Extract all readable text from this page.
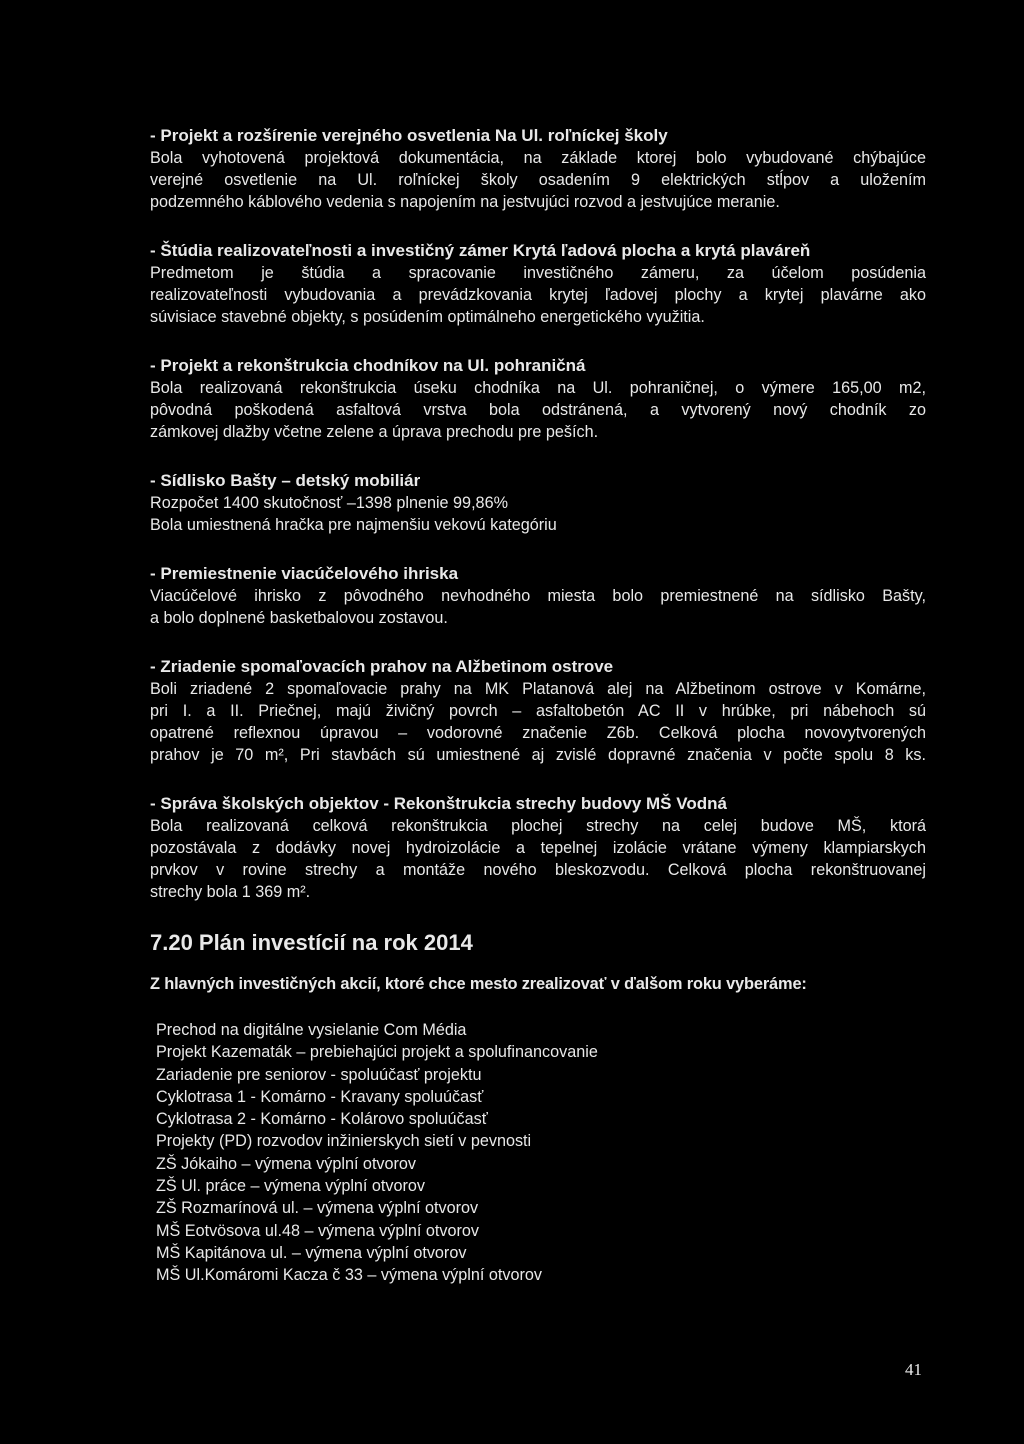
- Projekt a rozšírenie verejného osvetlenia Na Ul. roľníckej školy

Bola vyhotovená projektová dokumentácia, na základe ktorej bolo vybudované chýbajúce
verejné osvetlenie na Ul. roľníckej školy osadením 9 elektrických stĺpov a uložením
podzemného káblového vedenia s napojením na jestvujúci rozvod a jestvujúce meranie.

- Štúdia realizovateľnosti a investičný zámer Krytá ľadová plocha a krytá plaváreň

Predmetom je štúdia a spracovanie investičného zámeru, za účelom posúdenia
realizovateľnosti vybudovania a prevádzkovania krytej ľadovej plochy a krytej plavárne ako
súvisiace stavebné objekty, s posúdením optimálneho energetického využitia.

- Projekt a rekonštrukcia chodníkov na Ul. pohraničná

Bola realizovaná rekonštrukcia úseku chodníka na Ul. pohraničnej, o výmere 165,00 m2,
pôvodná poškodená asfaltová vrstva bola odstránená, a vytvorený nový chodník zo
zámkovej dlažby včetne zelene a úprava prechodu pre peších.

- Sídlisko Bašty – detský mobiliár

Rozpočet 1400 skutočnosť –1398 plnenie 99,86%
Bola umiestnená hračka pre najmenšiu vekovú kategóriu

- Premiestnenie viacúčelového ihriska

Viacúčelové ihrisko z pôvodného nevhodného miesta bolo premiestnené na sídlisko Bašty,
a bolo doplnené basketbalovou zostavou.

- Zriadenie spomaľovacích prahov na Alžbetinom ostrove

Boli zriadené 2 spomaľovacie prahy na MK Platanová alej na Alžbetinom ostrove v Komárne,
pri I. a II. Priečnej, majú živičný povrch – asfaltobetón AC II v hrúbke, pri nábehoch sú
opatrené reflexnou úpravou – vodorovné značenie Z6b. Celková plocha novovytvorených
prahov je 70 m², Pri stavbách sú umiestnené aj zvislé dopravné značenia v počte spolu 8 ks.

- Správa školských objektov - Rekonštrukcia strechy budovy MŠ Vodná

Bola realizovaná celková rekonštrukcia plochej strechy na celej budove MŠ, ktorá
pozostávala z dodávky novej hydroizolácie a tepelnej izolácie vrátane výmeny klampiarskych
prvkov v rovine strechy a montáže nového bleskozvodu. Celková plocha rekonštruovanej
strechy bola 1 369 m².

7.20 Plán investícií na rok 2014
Z hlavných investičných akcií, ktoré chce mesto zrealizovať v ďalšom roku vyberáme:
Prechod na digitálne vysielanie Com Média
Projekt Kazematák – prebiehajúci projekt a spolufinancovanie
Zariadenie pre seniorov - spoluúčasť projektu
Cyklotrasa 1 - Komárno - Kravany spoluúčasť
Cyklotrasa 2 - Komárno - Kolárovo spoluúčasť
Projekty (PD) rozvodov inžinierskych sietí v pevnosti
ZŠ Jókaiho – výmena výplní otvorov
ZŠ Ul. práce – výmena výplní otvorov
ZŠ Rozmarínová ul. – výmena výplní otvorov
MŠ Eotvösova ul.48 – výmena výplní otvorov
MŠ Kapitánova ul. – výmena výplní otvorov
MŠ Ul.Komáromi Kacza č 33 – výmena výplní otvorov
41
